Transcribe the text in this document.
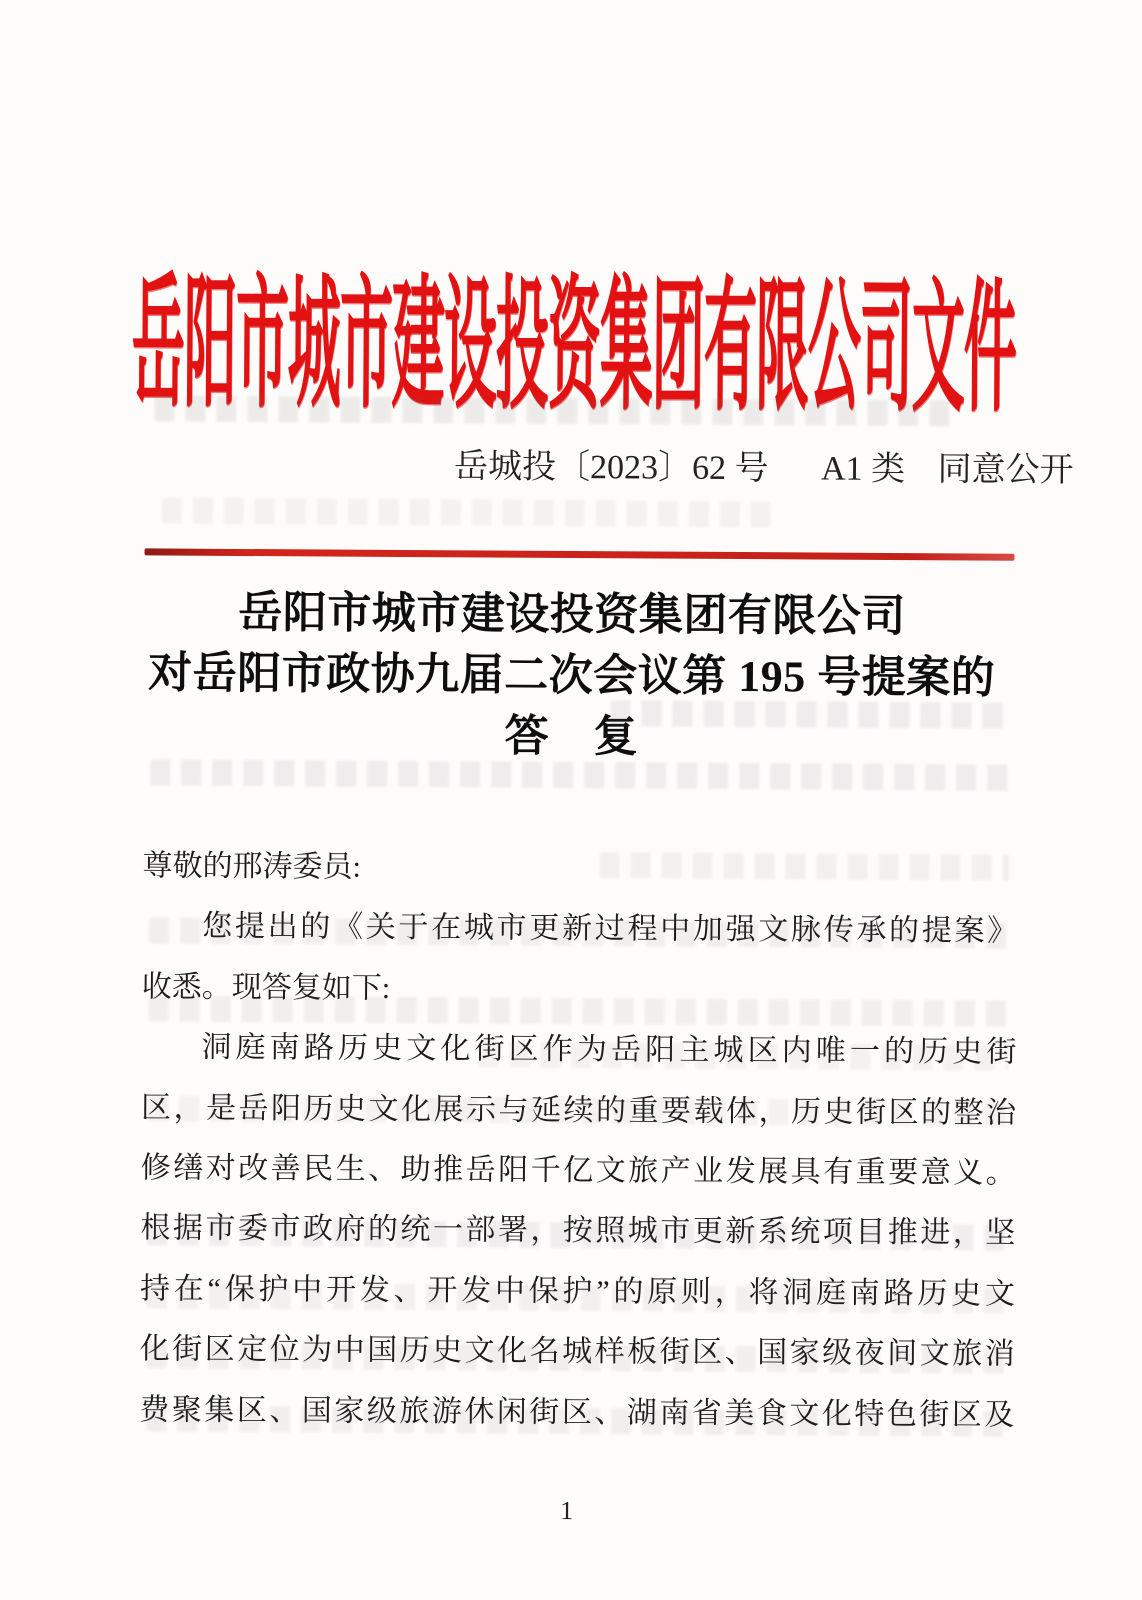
岳阳市城市建设投资集团有限公司文件
岳城投〔2023〕62 号 A1 类 同意公开
岳阳市城市建设投资集团有限公司
对岳阳市政协九届二次会议第 195 号提案的
答　复
尊敬的邢涛委员:
您提出的《关于在城市更新过程中加强文脉传承的提案》
收悉。现答复如下:
洞庭南路历史文化街区作为岳阳主城区内唯一的历史街
区，是岳阳历史文化展示与延续的重要载体，历史街区的整治
修缮对改善民生、助推岳阳千亿文旅产业发展具有重要意义。
根据市委市政府的统一部署，按照城市更新系统项目推进，坚
持在“保护中开发、开发中保护”的原则，将洞庭南路历史文
化街区定位为中国历史文化名城样板街区、国家级夜间文旅消
费聚集区、国家级旅游休闲街区、湖南省美食文化特色街区及
1
